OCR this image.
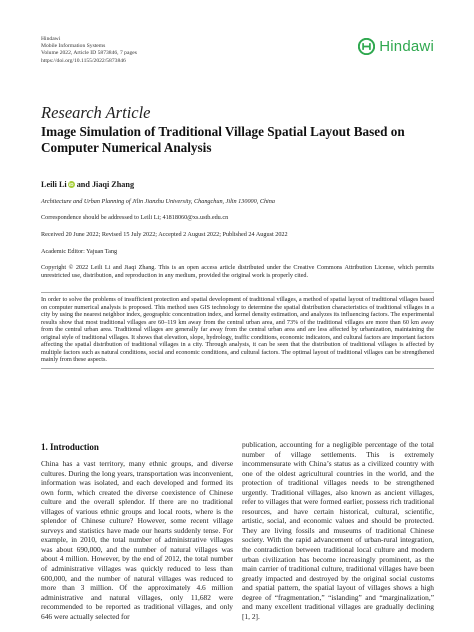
Hindawi
Mobile Information Systems
Volume 2022, Article ID 5873846, 7 pages
https://doi.org/10.1155/2022/5873846
Hindawi
Research Article
Image Simulation of Traditional Village Spatial Layout Based on Computer Numerical Analysis
Leili Li iD and Jiaqi Zhang
Architecture and Urban Planning of Jilin Jianzhu University, Changchun, Jilin 130000, China
Correspondence should be addressed to Leili Li; 41818060@xs.ustb.edu.cn
Received 20 June 2022; Revised 15 July 2022; Accepted 2 August 2022; Published 24 August 2022
Academic Editor: Yajuan Tang
Copyright © 2022 Leili Li and Jiaqi Zhang. This is an open access article distributed under the Creative Commons Attribution License, which permits unrestricted use, distribution, and reproduction in any medium, provided the original work is properly cited.
In order to solve the problems of insufficient protection and spatial development of traditional villages, a method of spatial layout of traditional villages based on computer numerical analysis is proposed. This method uses GIS technology to determine the spatial distribution characteristics of traditional villages in a city by using the nearest neighbor index, geographic concentration index, and kernel density estimation, and analyzes its influencing factors. The experimental results show that most traditional villages are 60–119 km away from the central urban area, and 73% of the traditional villages are more than 60 km away from the central urban area. Traditional villages are generally far away from the central urban area and are less affected by urbanization, maintaining the original style of traditional villages. It shows that elevation, slope, hydrology, traffic conditions, economic indicators, and cultural factors are important factors affecting the spatial distribution of traditional villages in a city. Through analysis, it can be seen that the distribution of traditional villages is affected by multiple factors such as natural conditions, social and economic conditions, and cultural factors. The optimal layout of traditional villages can be strengthened mainly from these aspects.
1. Introduction
China has a vast territory, many ethnic groups, and diverse cultures. During the long years, transportation was inconvenient, information was isolated, and each developed and formed its own form, which created the diverse coexistence of Chinese culture and the overall splendor. If there are no traditional villages of various ethnic groups and local roots, where is the splendor of Chinese culture? However, some recent village surveys and statistics have made our hearts suddenly tense. For example, in 2010, the total number of administrative villages was about 690,000, and the number of natural villages was about 4 million. However, by the end of 2012, the total number of administrative villages was quickly reduced to less than 600,000, and the number of natural villages was reduced to more than 3 million. Of the approximately 4.6 million administrative and natural villages, only 11,682 were recommended to be reported as traditional villages, and only 646 were actually selected for
publication, accounting for a negligible percentage of the total number of village settlements. This is extremely incommensurate with China’s status as a civilized country with one of the oldest agricultural countries in the world, and the protection of traditional villages needs to be strengthened urgently. Traditional villages, also known as ancient villages, refer to villages that were formed earlier, possess rich traditional resources, and have certain historical, cultural, scientific, artistic, social, and economic values and should be protected. They are living fossils and museums of traditional Chinese society. With the rapid advancement of urban-rural integration, the contradiction between traditional local culture and modern urban civilization has become increasingly prominent, as the main carrier of traditional culture, traditional villages have been greatly impacted and destroyed by the original social customs and spatial pattern, the spatial layout of villages shows a high degree of “fragmentation,” “islanding” and “marginalization,” and many excellent traditional villages are gradually declining [1, 2].
